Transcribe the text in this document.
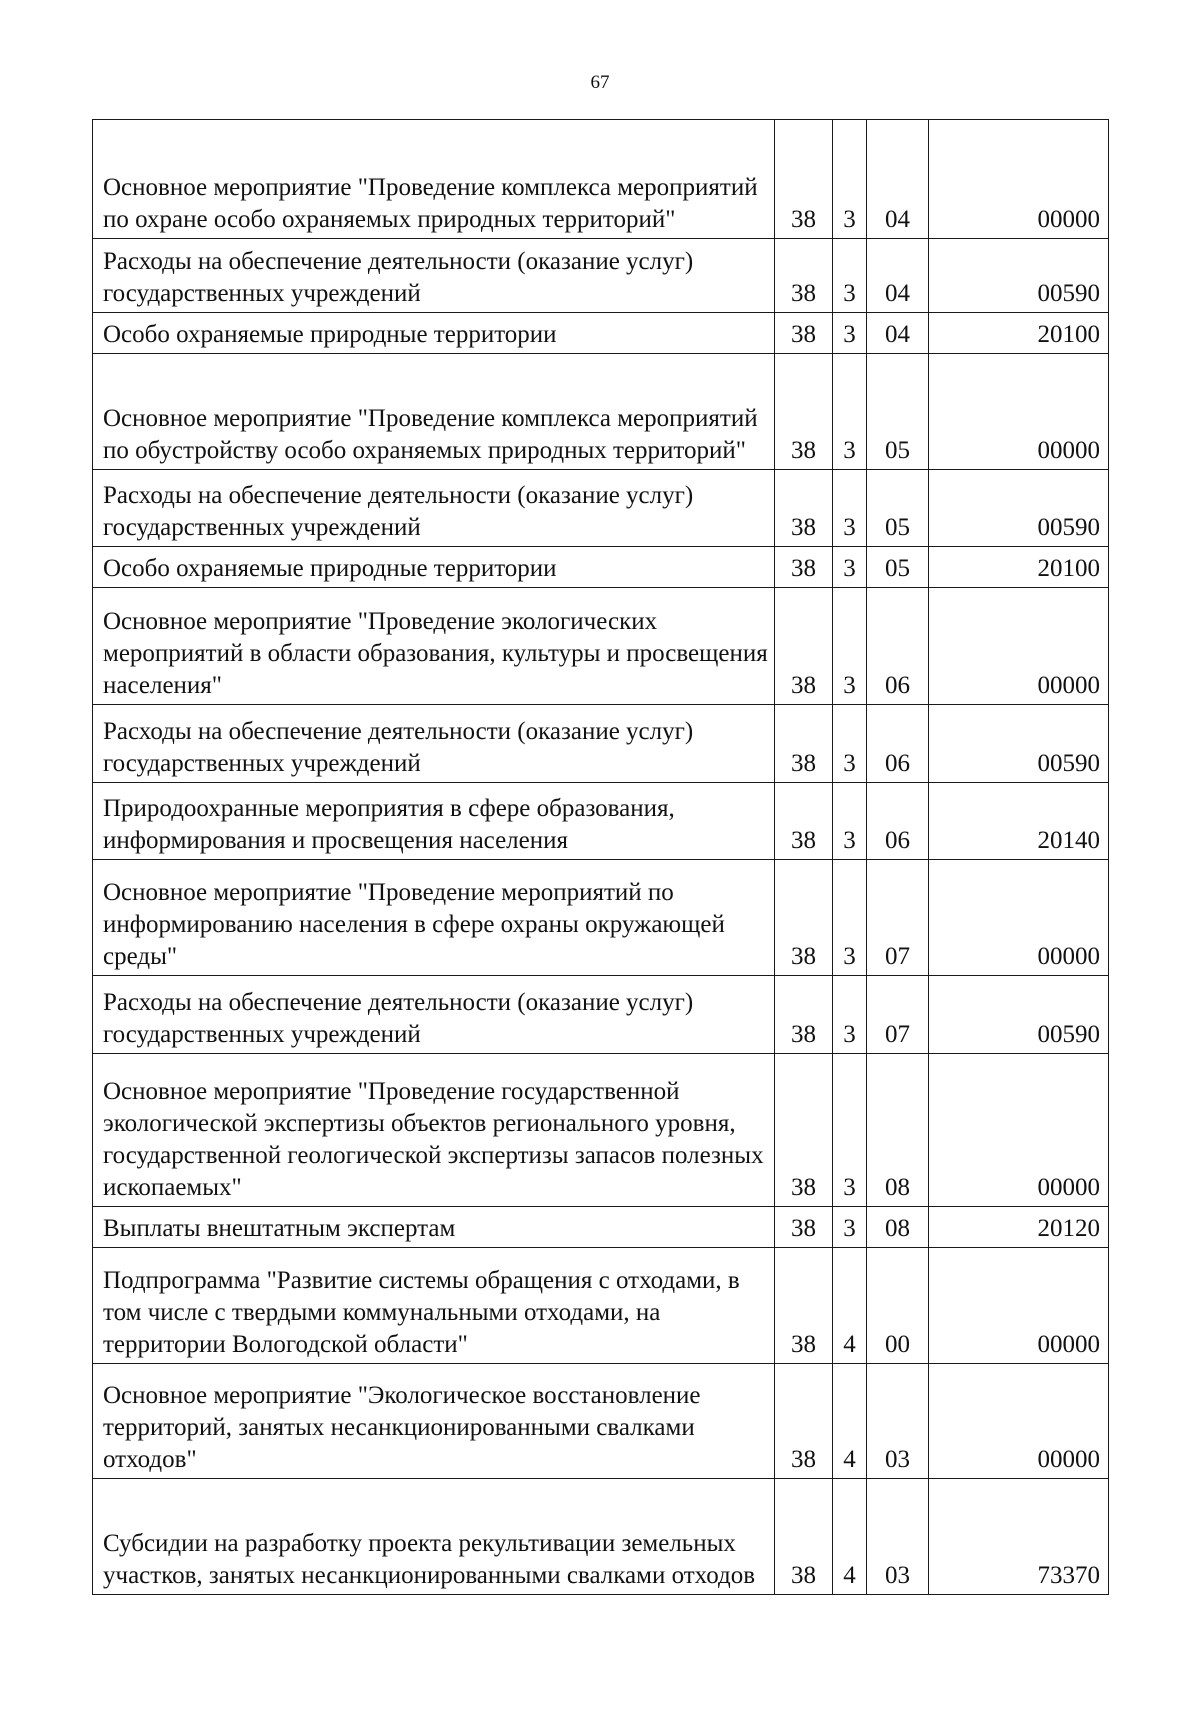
67
Основное мероприятие "Проведение комплекса мероприятий по охране особо охраняемых природных территорий"	38	3	04	00000
Расходы на обеспечение деятельности (оказание услуг) государственных учреждений	38	3	04	00590
Особо охраняемые природные территории	38	3	04	20100
Основное мероприятие "Проведение комплекса мероприятий по обустройству особо охраняемых природных территорий"	38	3	05	00000
Расходы на обеспечение деятельности (оказание услуг) государственных учреждений	38	3	05	00590
Особо охраняемые природные территории	38	3	05	20100
Основное мероприятие "Проведение экологических мероприятий в области образования, культуры и просвещения населения"	38	3	06	00000
Расходы на обеспечение деятельности (оказание услуг) государственных учреждений	38	3	06	00590
Природоохранные мероприятия в сфере образования, информирования и просвещения населения	38	3	06	20140
Основное мероприятие "Проведение мероприятий по информированию населения в сфере охраны окружающей среды"	38	3	07	00000
Расходы на обеспечение деятельности (оказание услуг) государственных учреждений	38	3	07	00590
Основное мероприятие "Проведение государственной экологической экспертизы объектов регионального уровня, государственной геологической экспертизы запасов полезных ископаемых"	38	3	08	00000
Выплаты внештатным экспертам	38	3	08	20120
Подпрограмма "Развитие системы обращения с отходами, в том числе с твердыми коммунальными отходами, на территории Вологодской области"	38	4	00	00000
Основное мероприятие "Экологическое восстановление территорий, занятых несанкционированными свалками отходов"	38	4	03	00000
Субсидии на разработку проекта рекультивации земельных участков, занятых несанкционированными свалками отходов	38	4	03	73370
